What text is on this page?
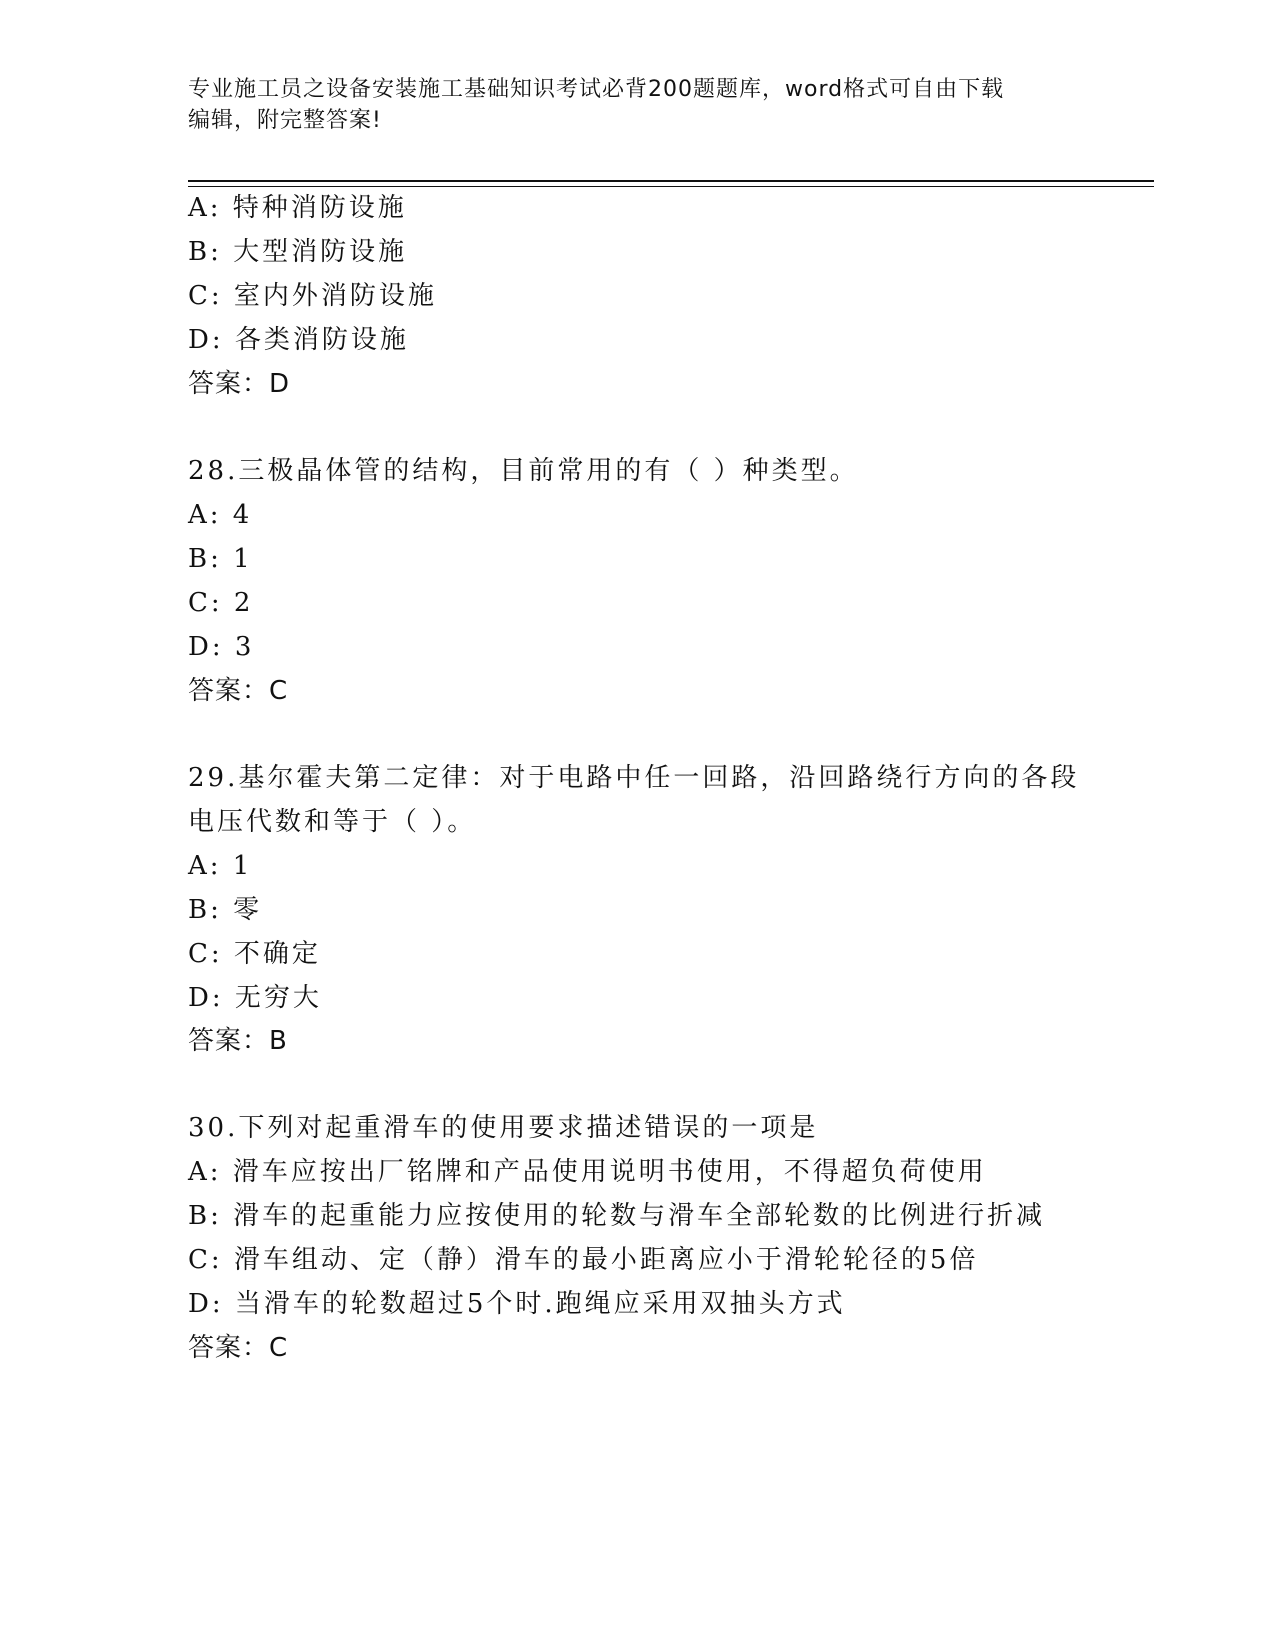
专业施工员之设备安装施工基础知识考试必背200题题库，word格式可自由下载
编辑，附完整答案!
A: 特种消防设施
B: 大型消防设施
C: 室内外消防设施
D: 各类消防设施
答案：D
28.三极晶体管的结构，目前常用的有（ ）种类型。
A: 4
B: 1
C: 2
D: 3
答案：C
29.基尔霍夫第二定律：对于电路中任一回路，沿回路绕行方向的各段
电压代数和等于（ ）。
A: 1
B: 零
C: 不确定
D: 无穷大
答案：B
30.下列对起重滑车的使用要求描述错误的一项是
A: 滑车应按出厂铭牌和产品使用说明书使用，不得超负荷使用
B: 滑车的起重能力应按使用的轮数与滑车全部轮数的比例进行折减
C: 滑车组动、定（静）滑车的最小距离应小于滑轮轮径的5倍
D: 当滑车的轮数超过5个时.跑绳应采用双抽头方式
答案：C
